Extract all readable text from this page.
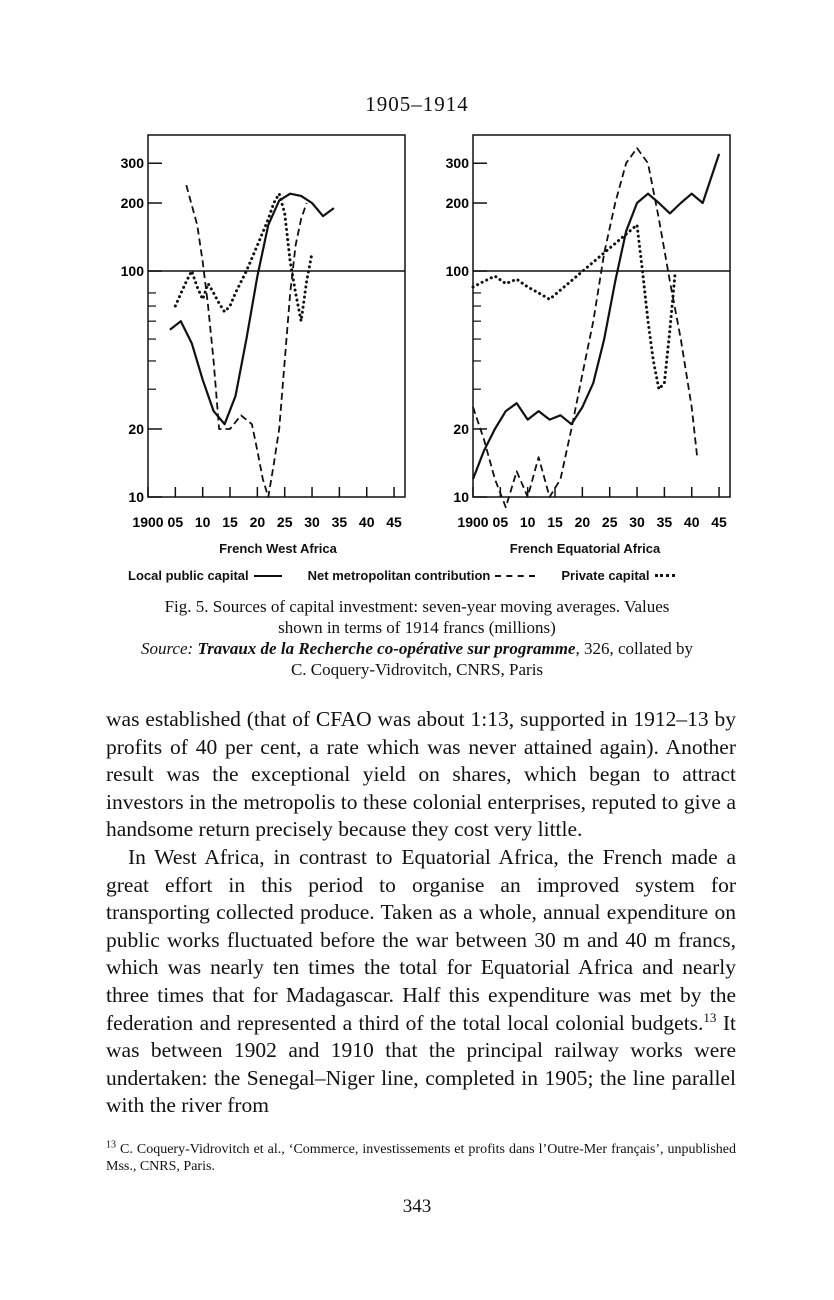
1905–1914
300
200
100
20
10
1900 05 10 15 20 25 30 35 40 45
300
200
100
20
10
1900 05 10 15 20 25 30 35 40 45
French West Africa	French Equatorial Africa
Local public capital	Net metropolitan contribution	Private capital
Fig. 5. Sources of capital investment: seven-year moving averages. Values
shown in terms of 1914 francs (millions)
Source: Travaux de la Recherche co-opérative sur programme, 326, collated by
C. Coquery-Vidrovitch, CNRS, Paris

was established (that of CFAO was about 1:13, supported in 1912–13 by profits of 40 per cent, a rate which was never attained again). Another result was the exceptional yield on shares, which began to attract investors in the metropolis to these colonial enterprises, reputed to give a handsome return precisely because they cost very little.

In West Africa, in contrast to Equatorial Africa, the French made a great effort in this period to organise an improved system for transporting collected produce. Taken as a whole, annual expenditure on public works fluctuated before the war between 30 m and 40 m francs, which was nearly ten times the total for Equatorial Africa and nearly three times that for Madagascar. Half this expenditure was met by the federation and represented a third of the total local colonial budgets.$^{13}$ It was between 1902 and 1910 that the principal railway works were undertaken: the Senegal–Niger line, completed in 1905; the line parallel with the river from

$^{13}$ C. Coquery-Vidrovitch et al., ‘Commerce, investissements et profits dans l’Outre-Mer français’, unpublished Mss., CNRS, Paris.
343
